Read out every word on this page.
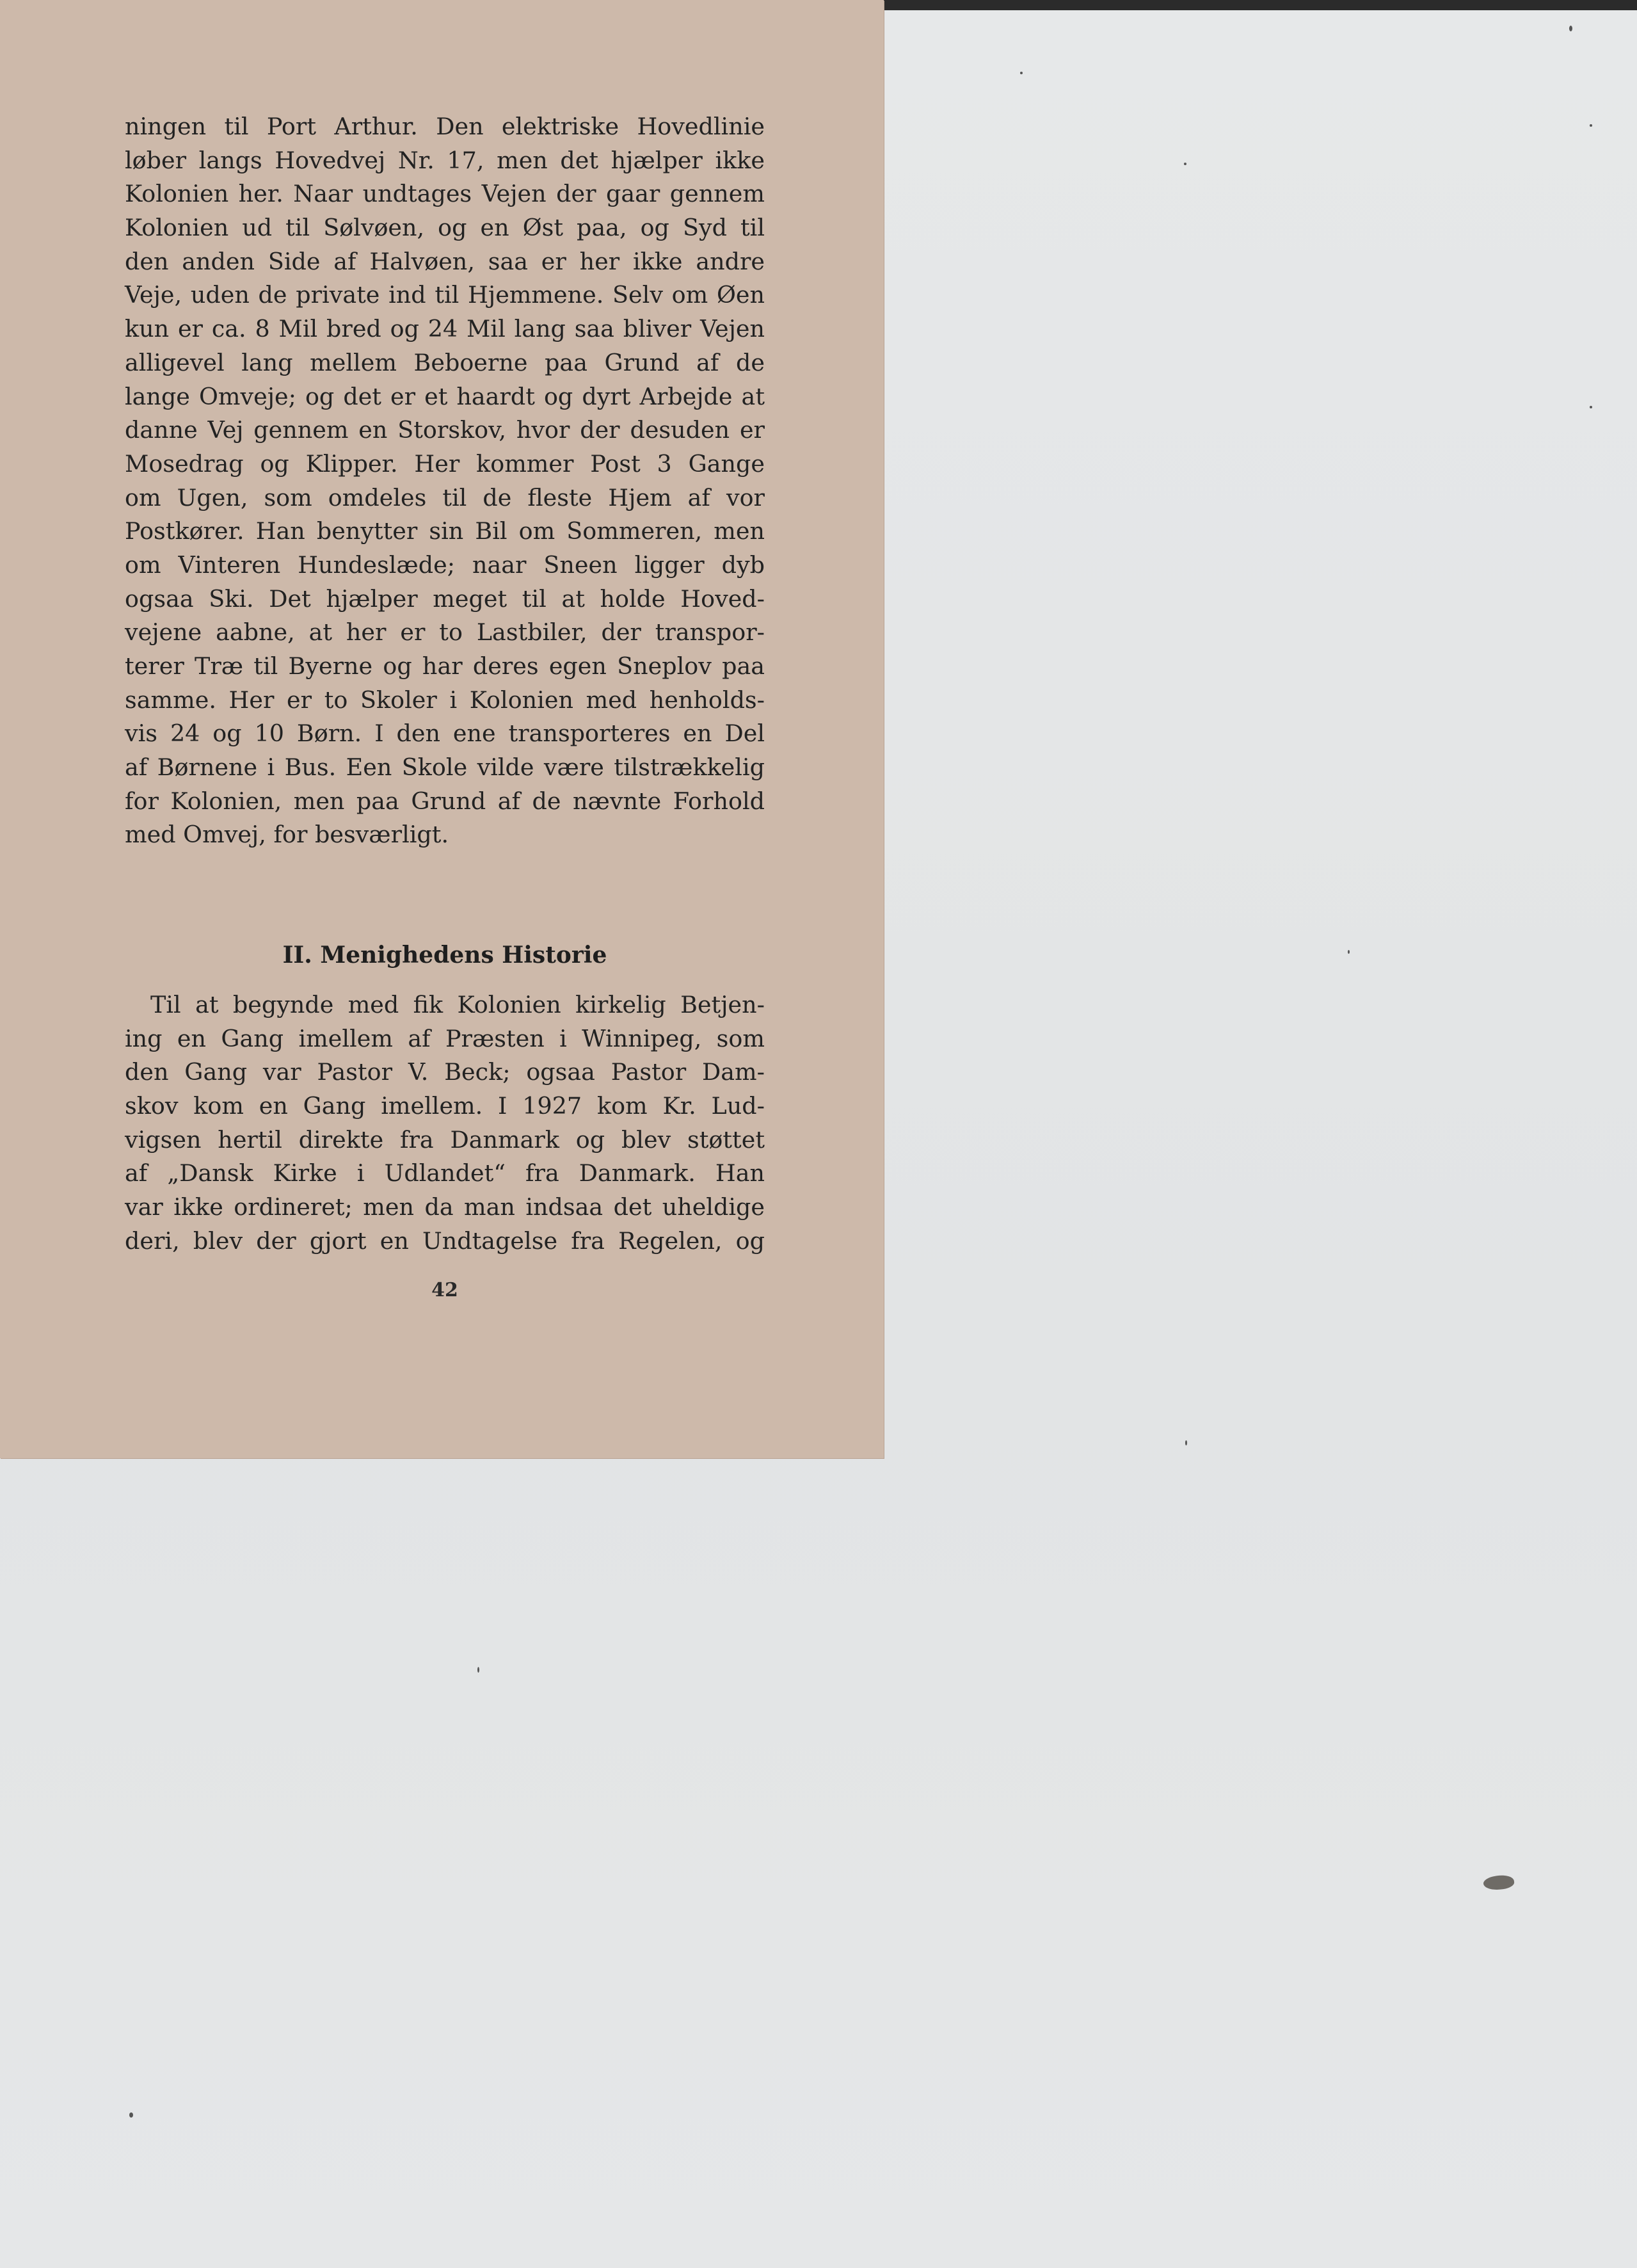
ningen til Port Arthur. Den elektriske Hovedlinie
løber langs Hovedvej Nr. 17, men det hjælper ikke
Kolonien her. Naar undtages Vejen der gaar gennem
Kolonien ud til Sølvøen, og en Øst paa, og Syd til
den anden Side af Halvøen, saa er her ikke andre
Veje, uden de private ind til Hjemmene. Selv om Øen
kun er ca. 8 Mil bred og 24 Mil lang saa bliver Vejen
alligevel lang mellem Beboerne paa Grund af de
lange Omveje; og det er et haardt og dyrt Arbejde at
danne Vej gennem en Storskov, hvor der desuden er
Mosedrag og Klipper. Her kommer Post 3 Gange
om Ugen, som omdeles til de fleste Hjem af vor
Postkører. Han benytter sin Bil om Sommeren, men
om Vinteren Hundeslæde; naar Sneen ligger dyb
ogsaa Ski. Det hjælper meget til at holde Hoved-
vejene aabne, at her er to Lastbiler, der transpor-
terer Træ til Byerne og har deres egen Sneplov paa
samme. Her er to Skoler i Kolonien med henholds-
vis 24 og 10 Børn. I den ene transporteres en Del
af Børnene i Bus. Een Skole vilde være tilstrækkelig
for Kolonien, men paa Grund af de nævnte Forhold
med Omvej, for besværligt.
II. Menighedens Historie
Til at begynde med fik Kolonien kirkelig Betjen-
ing en Gang imellem af Præsten i Winnipeg, som
den Gang var Pastor V. Beck; ogsaa Pastor Dam-
skov kom en Gang imellem. I 1927 kom Kr. Lud-
vigsen hertil direkte fra Danmark og blev støttet
af „Dansk Kirke i Udlandet“ fra Danmark. Han
var ikke ordineret; men da man indsaa det uheldige
deri, blev der gjort en Undtagelse fra Regelen, og
42
